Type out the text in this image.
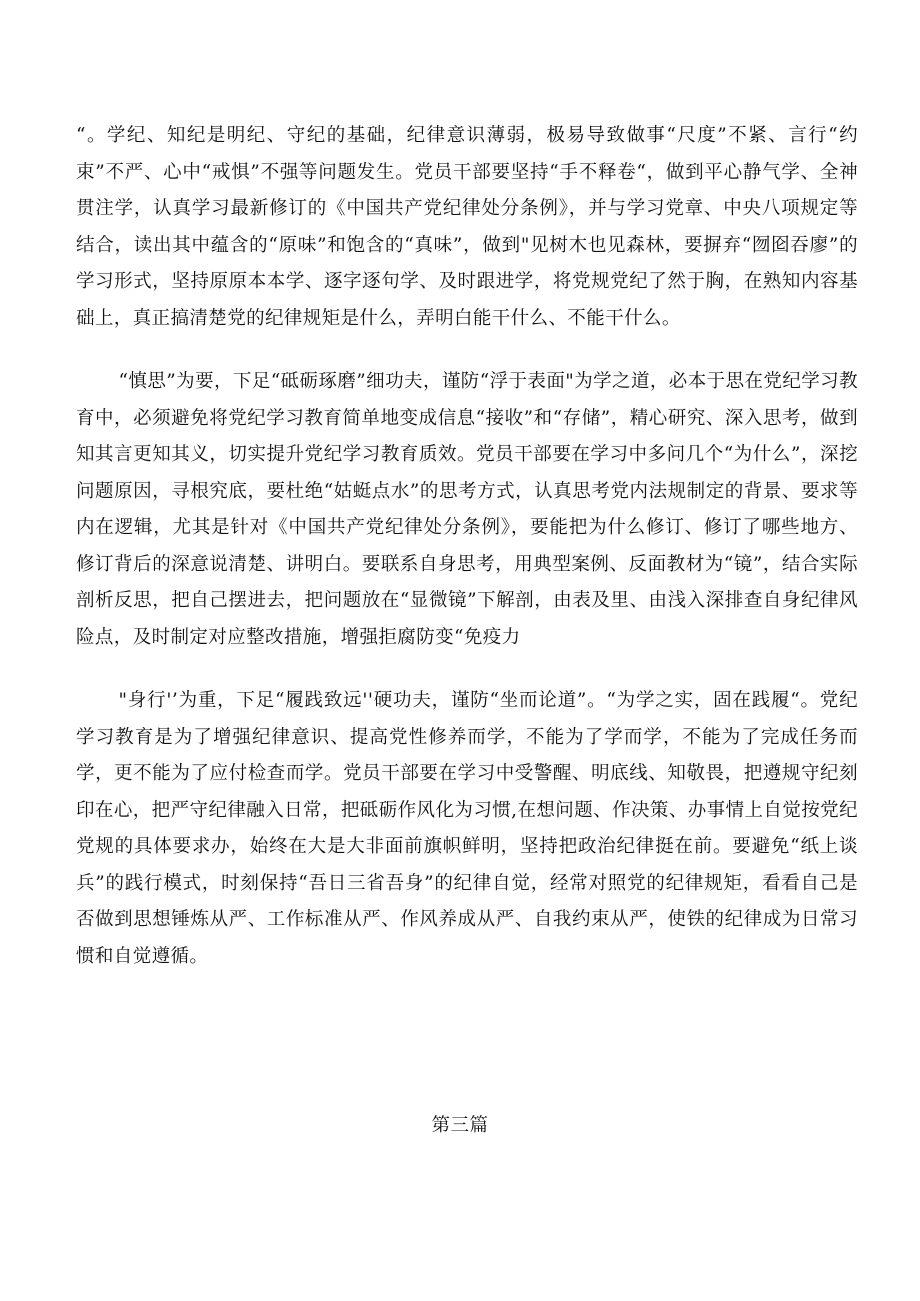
“。学纪、知纪是明纪、守纪的基础，纪律意识薄弱，极易导致做事“尺度”不紧、言行“约束”不严、心中“戒惧”不强等问题发生。党员干部要坚持“手不释卷“，做到平心静气学、全神贯注学，认真学习最新修订的《中国共产党纪律处分条例》，并与学习党章、中央八项规定等结合，读出其中蕴含的“原味”和饱含的“真味”，做到"见树木也见森林，要摒弃“囫囵吞廖”的学习形式，坚持原原本本学、逐字逐句学、及时跟进学，将党规党纪了然于胸，在熟知内容基础上，真正搞清楚党的纪律规矩是什么，弄明白能干什么、不能干什么。

“慎思”为要，下足“砥砺琢磨”细功夫，谨防“浮于表面"为学之道，必本于思在党纪学习教育中，必须避免将党纪学习教育简单地变成信息“接收”和“存储”，精心研究、深入思考，做到知其言更知其义，切实提升党纪学习教育质效。党员干部要在学习中多问几个“为什么”，深挖问题原因，寻根究底，要杜绝“姑蜓点水”的思考方式，认真思考党内法规制定的背景、要求等内在逻辑，尤其是针对《中国共产党纪律处分条例》，要能把为什么修订、修订了哪些地方、修订背后的深意说清楚、讲明白。要联系自身思考，用典型案例、反面教材为“镜”，结合实际剖析反思，把自己摆进去，把问题放在“显微镜”下解剖，由表及里、由浅入深排查自身纪律风险点，及时制定对应整改措施，增强拒腐防变“免疫力

"身行'’为重，下足“履践致远''硬功夫，谨防“坐而论道”。“为学之实，固在践履“。党纪学习教育是为了增强纪律意识、提高党性修养而学，不能为了学而学，不能为了完成任务而学，更不能为了应付检查而学。党员干部要在学习中受警醒、明底线、知敬畏，把遵规守纪刻印在心，把严守纪律融入日常，把砥砺作风化为习惯,在想问题、作决策、办事情上自觉按党纪党规的具体要求办，始终在大是大非面前旗帜鲜明，坚持把政治纪律挺在前。要避免“纸上谈兵”的践行模式，时刻保持“吾日三省吾身”的纪律自觉，经常对照党的纪律规矩，看看自己是否做到思想锤炼从严、工作标准从严、作风养成从严、自我约束从严，使铁的纪律成为日常习惯和自觉遵循。

第三篇
